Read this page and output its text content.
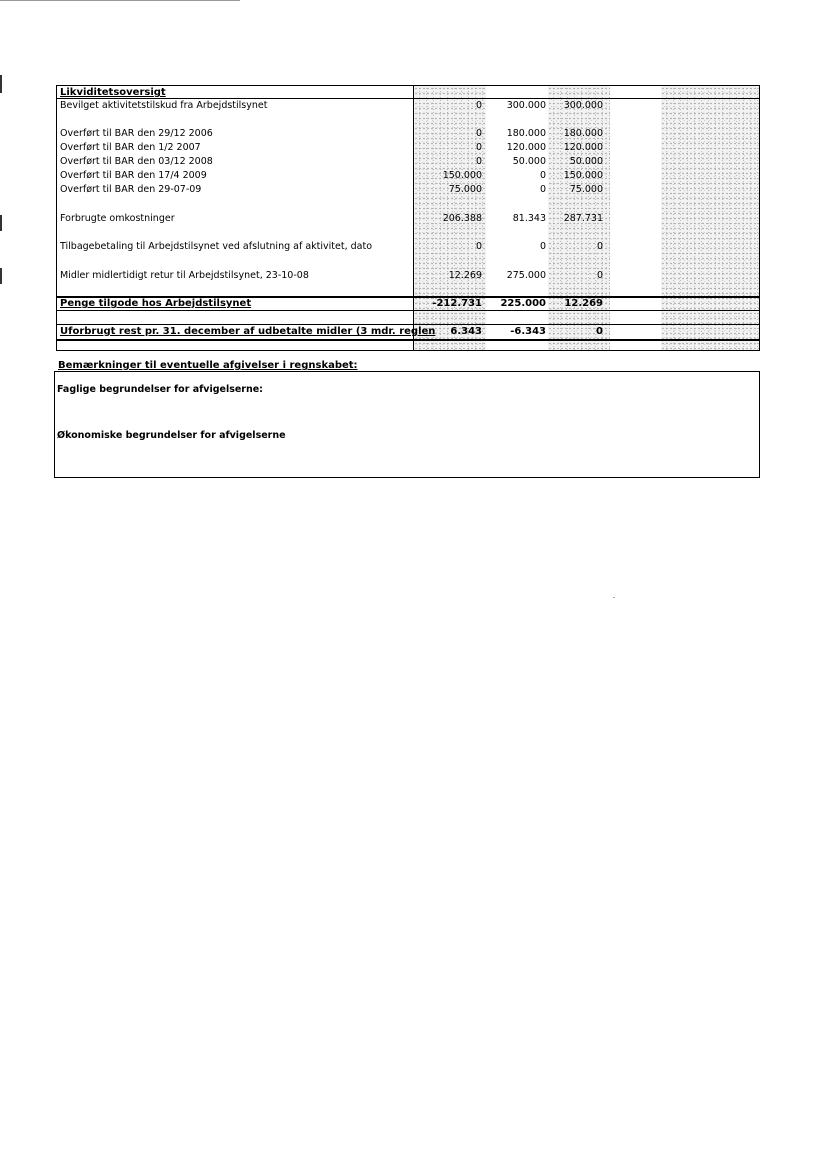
Likviditetsoversigt
Bevilget aktivitetstilskud fra Arbejdstilsynet	0	300.000	300.000
Overført til BAR den 29/12 2006	0	180.000	180.000
Overført til BAR den 1/2 2007	0	120.000	120.000
Overført til BAR den 03/12 2008	0	50.000	50.000
Overført til BAR den 17/4 2009	150.000	0	150.000
Overført til BAR den 29-07-09	75.000	0	75.000
Forbrugte omkostninger	206.388	81.343	287.731
Tilbagebetaling til Arbejdstilsynet ved afslutning af aktivitet, dato	0	0	0
Midler midlertidigt retur til Arbejdstilsynet, 23-10-08	12.269	275.000	0
Penge tilgode hos Arbejdstilsynet	-212.731	225.000	12.269
Uforbrugt rest pr. 31. december af udbetalte midler (3 mdr. reglen	6.343	-6.343	0
Bemærkninger til eventuelle afgivelser i regnskabet:
Faglige begrundelser for afvigelserne:
Økonomiske begrundelser for afvigelserne
